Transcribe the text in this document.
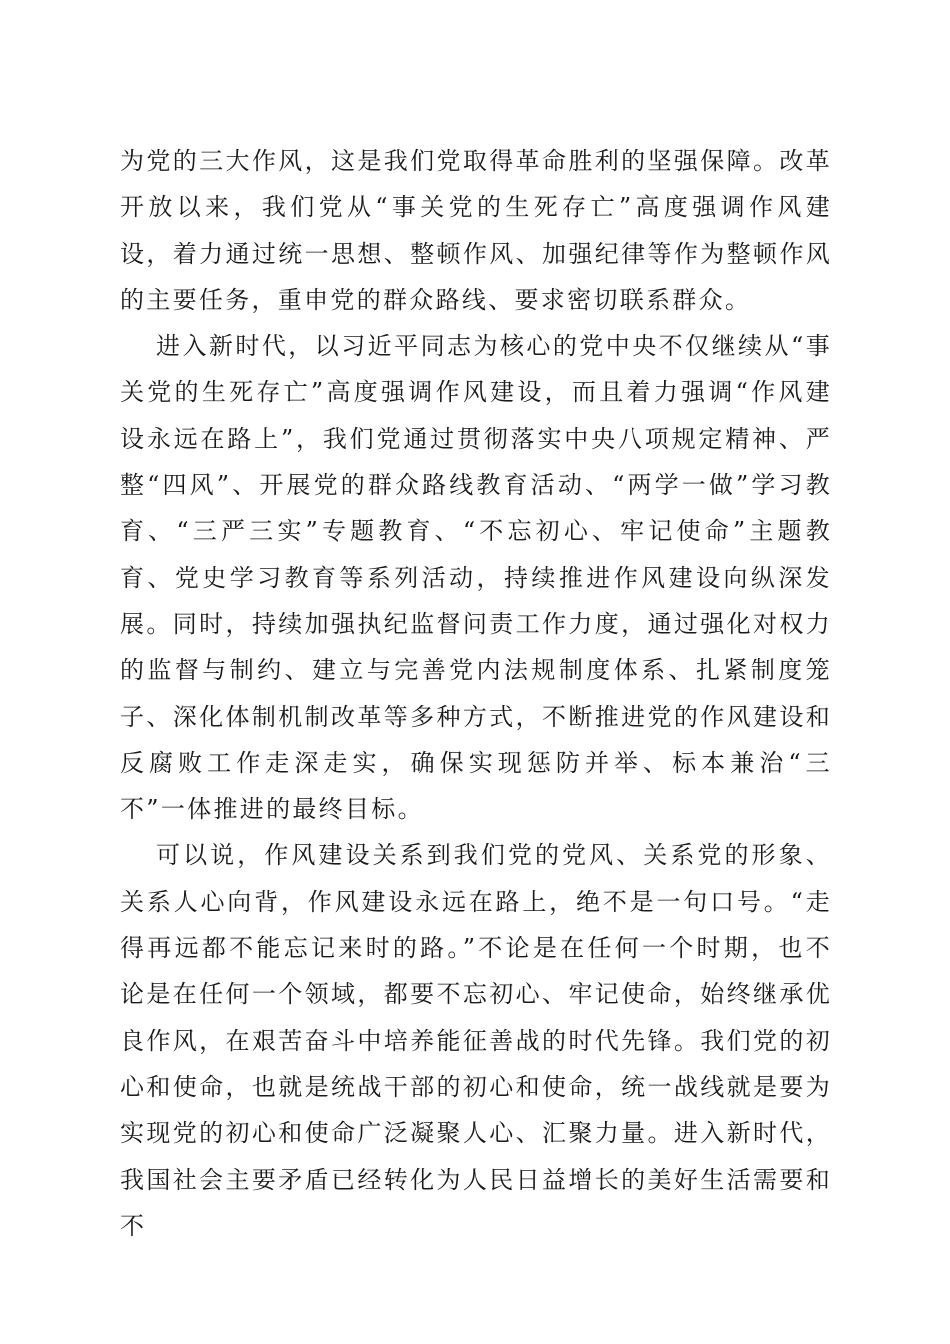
为党的三大作风，这是我们党取得革命胜利的坚强保障。改革开放以来，我们党从“事关党的生死存亡”高度强调作风建设，着力通过统一思想、整顿作风、加强纪律等作为整顿作风的主要任务，重申党的群众路线、要求密切联系群众。

进入新时代，以习近平同志为核心的党中央不仅继续从“事关党的生死存亡”高度强调作风建设，而且着力强调“作风建设永远在路上”，我们党通过贯彻落实中央八项规定精神、严整“四风”、开展党的群众路线教育活动、“两学一做”学习教育、“三严三实”专题教育、“不忘初心、牢记使命”主题教育、党史学习教育等系列活动，持续推进作风建设向纵深发展。同时，持续加强执纪监督问责工作力度，通过强化对权力的监督与制约、建立与完善党内法规制度体系、扎紧制度笼子、深化体制机制改革等多种方式，不断推进党的作风建设和反腐败工作走深走实，确保实现惩防并举、标本兼治“三不”一体推进的最终目标。

可以说，作风建设关系到我们党的党风、关系党的形象、关系人心向背，作风建设永远在路上，绝不是一句口号。“走得再远都不能忘记来时的路。”不论是在任何一个时期，也不论是在任何一个领域，都要不忘初心、牢记使命，始终继承优良作风，在艰苦奋斗中培养能征善战的时代先锋。我们党的初心和使命，也就是统战干部的初心和使命，统一战线就是要为实现党的初心和使命广泛凝聚人心、汇聚力量。进入新时代，我国社会主要矛盾已经转化为人民日益增长的美好生活需要和不
